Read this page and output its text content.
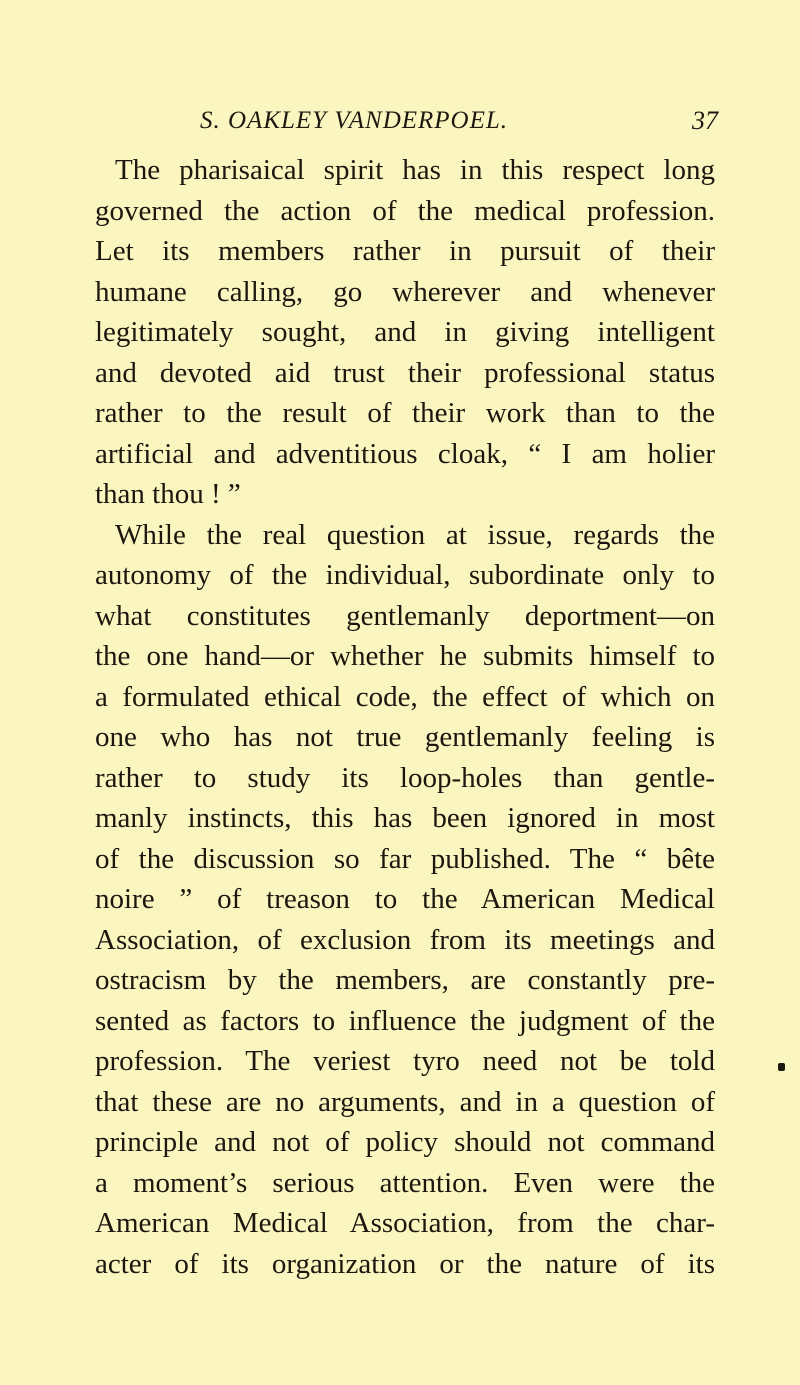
S. OAKLEY VANDERPOEL.	37
The pharisaical spirit has in this respect long
governed the action of the medical profession.
Let its members rather in pursuit of their
humane calling, go wherever and whenever
legitimately sought, and in giving intelligent
and devoted aid trust their professional status
rather to the result of their work than to the
artificial and adventitious cloak, “ I am holier
than thou ! ”
While the real question at issue, regards the
autonomy of the individual, subordinate only to
what constitutes gentlemanly deportment—on
the one hand—or whether he submits himself to
a formulated ethical code, the effect of which on
one who has not true gentlemanly feeling is
rather to study its loop-holes than gentle-
manly instincts, this has been ignored in most
of the discussion so far published. The “ bête
noire ” of treason to the American Medical
Association, of exclusion from its meetings and
ostracism by the members, are constantly pre-
sented as factors to influence the judgment of the
profession. The veriest tyro need not be told
that these are no arguments, and in a question of
principle and not of policy should not command
a moment’s serious attention. Even were the
American Medical Association, from the char-
acter of its organization or the nature of its
